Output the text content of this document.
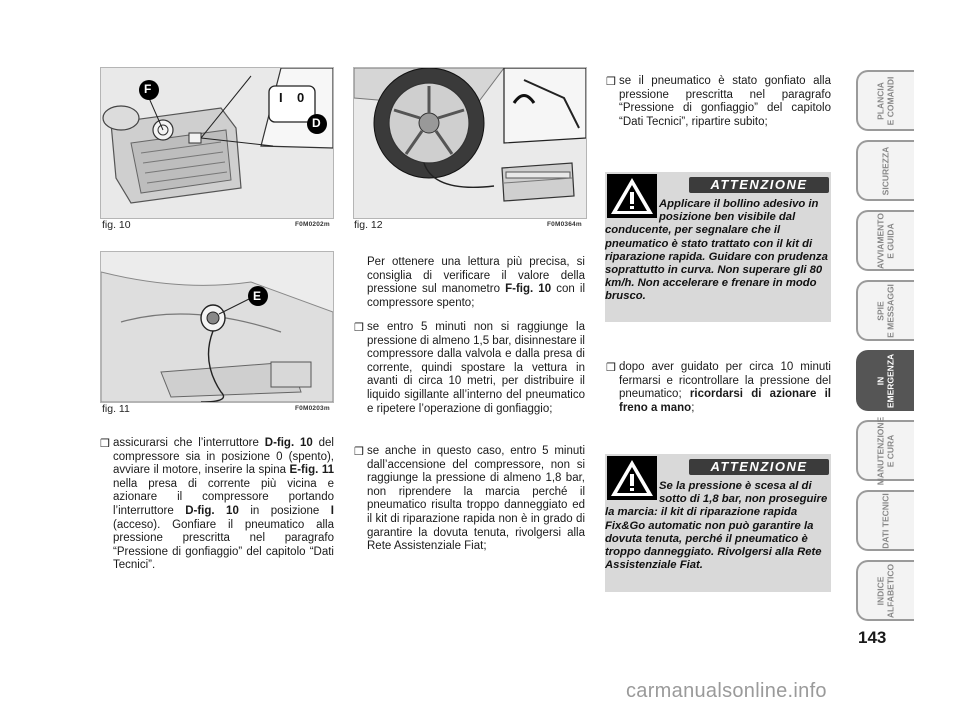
F
D
I 0
fig. 10	F0M0202m
E
fig. 11	F0M0203m
fig. 12	F0M0364m
❒ assicurarsi che l’interruttore D-fig. 10 del compressore sia in posizione 0 (spento), avviare il motore, inserire la spina E-fig. 11 nella presa di corrente più vicina e azionare il compressore portando l’interruttore D-fig. 10 in posizione I (acceso). Gonfiare il pneumatico alla pressione prescritta nel paragrafo “Pressione di gonfiaggio” del capitolo “Dati Tecnici”.
Per ottenere una lettura più precisa, si consiglia di verificare il valore della pressione sul manometro F-fig. 10 con il compressore spento;
❒ se entro 5 minuti non si raggiunge la pressione di almeno 1,5 bar, disinnestare il compressore dalla valvola e dalla presa di corrente, quindi spostare la vettura in avanti di circa 10 metri, per distribuire il liquido sigillante all’interno del pneumatico e ripetere l’operazione di gonfiaggio;
❒ se anche in questo caso, entro 5 minuti dall’accensione del compressore, non si raggiunge la pressione di almeno 1,8 bar, non riprendere la marcia perché il pneumatico risulta troppo danneggiato ed il kit di riparazione rapida non è in grado di garantire la dovuta tenuta, rivolgersi alla Rete Assistenziale Fiat;
❒ se il pneumatico è stato gonfiato alla pressione prescritta nel paragrafo “Pressione di gonfiaggio” del capitolo “Dati Tecnici”, ripartire subito;
ATTENZIONE
Applicare il bollino adesivo in posizione ben visibile dal conducente, per segnalare che il pneumatico è stato trattato con il kit di riparazione rapida. Guidare con prudenza soprattutto in curva. Non superare gli 80 km/h. Non accelerare e frenare in modo brusco.
❒ dopo aver guidato per circa 10 minuti fermarsi e ricontrollare la pressione del pneumatico; ricordarsi di azionare il freno a mano;
ATTENZIONE
Se la pressione è scesa al di sotto di 1,8 bar, non proseguire la marcia: il kit di riparazione rapida Fix&Go automatic non può garantire la dovuta tenuta, perché il pneumatico è troppo danneggiato. Rivolgersi alla Rete Assistenziale Fiat.
PLANCIA
E COMANDI
SICUREZZA
AVVIAMENTO
E GUIDA
SPIE
E MESSAGGI
IN
EMERGENZA
MANUTENZIONE
E CURA
DATI TECNICI
INDICE
ALFABETICO
143
carmanualsonline.info
